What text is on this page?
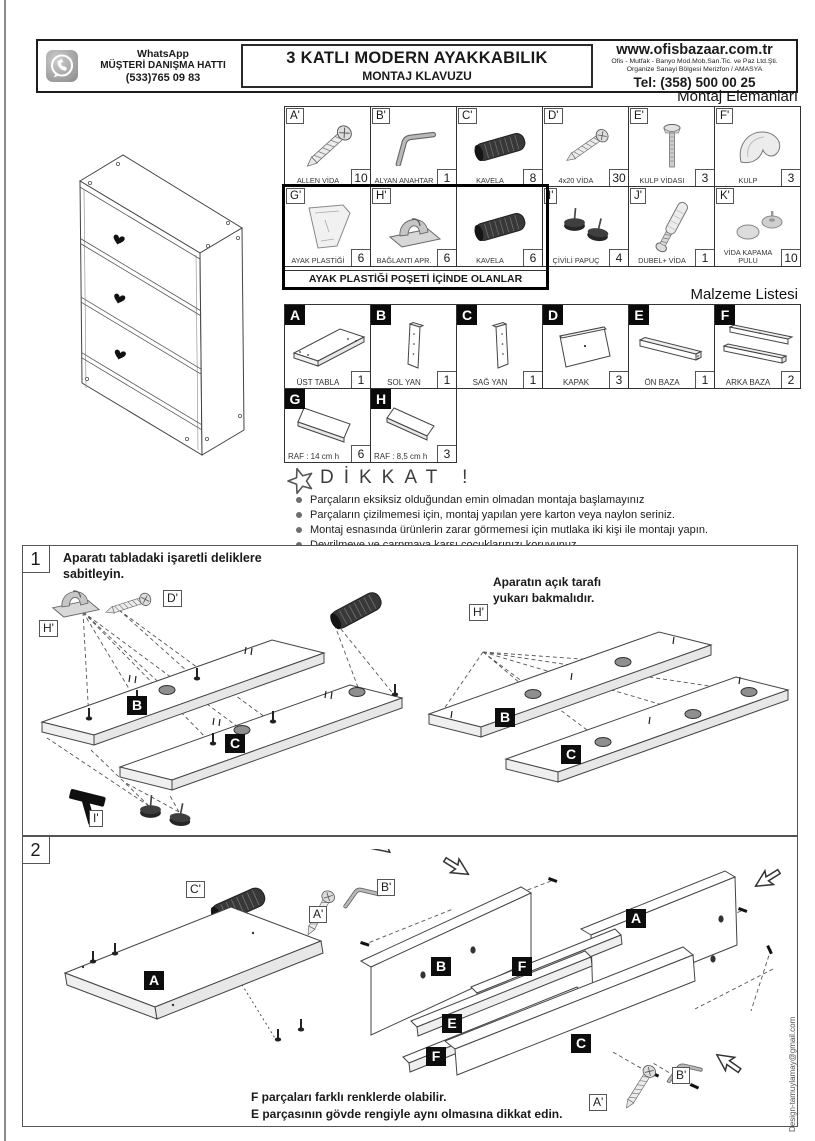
WhatsApp
MÜŞTERİ DANIŞMA HATTI
(533)765 09 83
3 KATLI MODERN AYAKKABILIK
MONTAJ KLAVUZU
www.ofisbazaar.com.tr
Ofis - Mutfak - Banyo Mod.Mob.San.Tic. ve Paz Ltd.Şti.
Organize Sanayi Bölgesi Merizfon / AMASYA
Tel: (358) 500 00 25
Montaj Elemanları
A'
ALLEN VİDA	10
B'
ALYAN ANAHTAR 1
C'
KAVELA	8
D'
4x20 VİDA	30
E'
KULP VİDASI	3
F'
KULP	3
G'
AYAK PLASTİĞİ	6
H'
BAĞLANTI APR.	6	KAVELA	6
I'
ÇİVİLİ PAPUÇ	4
J'
DUBEL+ VİDA	1
K'
VİDA KAPAMA PULU	10
AYAK PLASTİĞİ POŞETİ İÇİNDE OLANLAR
Malzeme Listesi
A
ÜST TABLA	1
B
SOL YAN	1
C
SAĞ YAN	1
D
KAPAK	3
E
ÖN BAZA	1
F
ARKA BAZA	2
G
RAF : 14 cm h	6
H
RAF : 8,5 cm h	3
DİKKAT !
Parçaların eksiksiz olduğundan emin olmadan montaja başlamayınız
Parçaların çizilmemesi için, montaj yapılan yere karton veya naylon seriniz.
Montaj esnasında ürünlerin zarar görmemesi için mutlaka iki kişi ile montajı yapın.
1	Aparatı tabladaki işaretli deliklere sabitleyin.
H'
D'
B
C
I'
Aparatın açık tarafı yukarı bakmalıdır.
H'
B
C
2
C'
A
A'
B'
A
B	F
E
F
C
F parçaları farklı renklerde olabilir.
E parçasının gövde rengiyle aynı olmasına dikkat edin.
A'
B'	Design-tamuylamay@gmail.com
